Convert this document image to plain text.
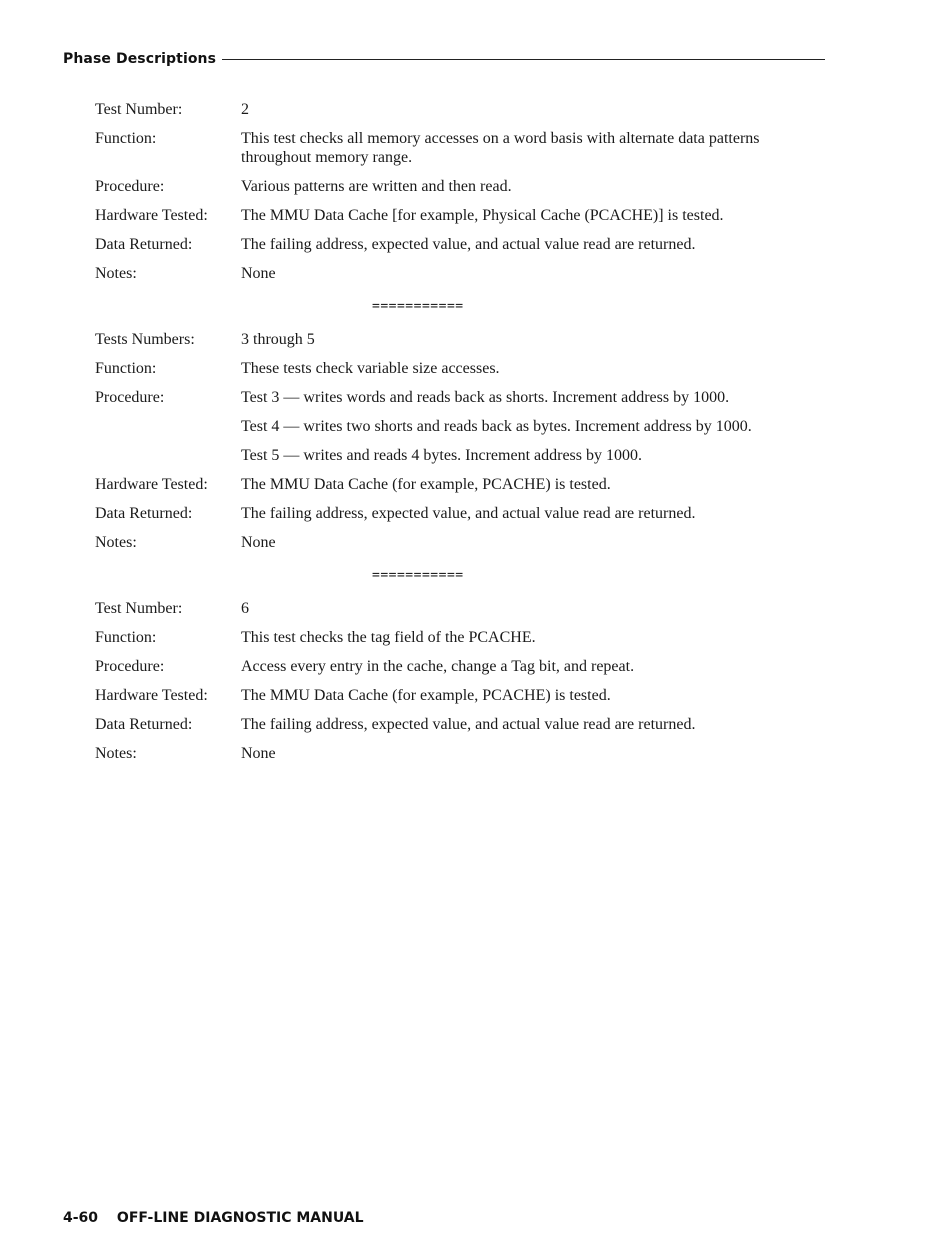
Phase Descriptions
Test Number:	2
Function:	This test checks all memory accesses on a word basis with alternate data patterns throughout memory range.
Procedure:	Various patterns are written and then read.
Hardware Tested:	The MMU Data Cache [for example, Physical Cache (PCACHE)] is tested.
Data Returned:	The failing address, expected value, and actual value read are returned.
Notes:	None
===========
Tests Numbers:	3 through 5
Function:	These tests check variable size accesses.
Procedure:	Test 3 — writes words and reads back as shorts. Increment address by 1000.
Test 4 — writes two shorts and reads back as bytes. Increment address by 1000.
Test 5 — writes and reads 4 bytes. Increment address by 1000.
Hardware Tested:	The MMU Data Cache (for example, PCACHE) is tested.
Data Returned:	The failing address, expected value, and actual value read are returned.
Notes:	None
===========
Test Number:	6
Function:	This test checks the tag field of the PCACHE.
Procedure:	Access every entry in the cache, change a Tag bit, and repeat.
Hardware Tested:	The MMU Data Cache (for example, PCACHE) is tested.
Data Returned:	The failing address, expected value, and actual value read are returned.
Notes:	None
4-60 OFF-LINE DIAGNOSTIC MANUAL
